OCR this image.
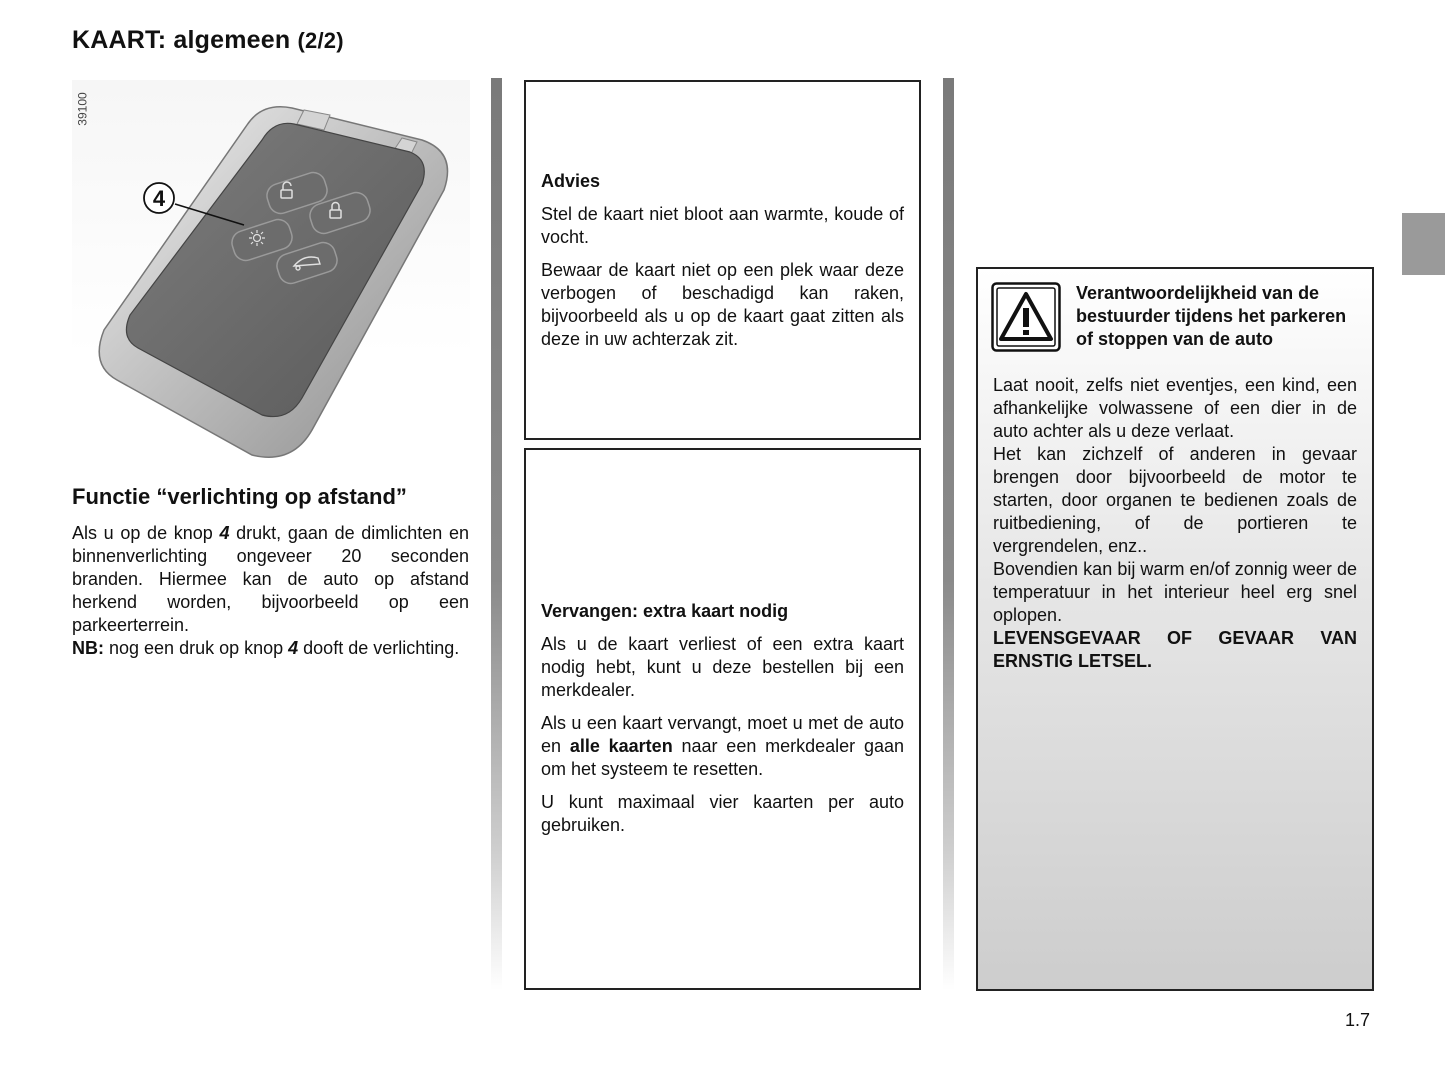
KAART: algemeen (2/2)
4
39100
Functie “verlichting op afstand”
Als u op de knop 4 drukt, gaan de dimlichten en binnenverlichting ongeveer 20 seconden branden. Hiermee kan de auto op afstand herkend worden, bijvoorbeeld op een parkeerterrein.
NB: nog een druk op knop 4 dooft de verlichting.
Advies

Stel de kaart niet bloot aan warmte, koude of vocht.

Bewaar de kaart niet op een plek waar deze verbogen of beschadigd kan raken, bijvoorbeeld als u op de kaart gaat zitten als deze in uw achterzak zit.

Vervangen: extra kaart nodig

Als u de kaart verliest of een extra kaart nodig hebt, kunt u deze bestellen bij een merkdealer.

Als u een kaart vervangt, moet u met de auto en alle kaarten naar een merkdealer gaan om het systeem te resetten.

U kunt maximaal vier kaarten per auto gebruiken.

Verantwoordelijkheid van de bestuurder tijdens het parkeren of stoppen van de auto
Laat nooit, zelfs niet eventjes, een kind, een afhankelijke volwassene of een dier in de auto achter als u deze verlaat.
Het kan zichzelf of anderen in gevaar brengen door bijvoorbeeld de motor te starten, door organen te bedienen zoals de ruitbediening, of de portieren te vergrendelen, enz..
Bovendien kan bij warm en/of zonnig weer de temperatuur in het interieur heel erg snel oplopen.
LEVENSGEVAAR OF GEVAAR VAN ERNSTIG LETSEL.
1.7
